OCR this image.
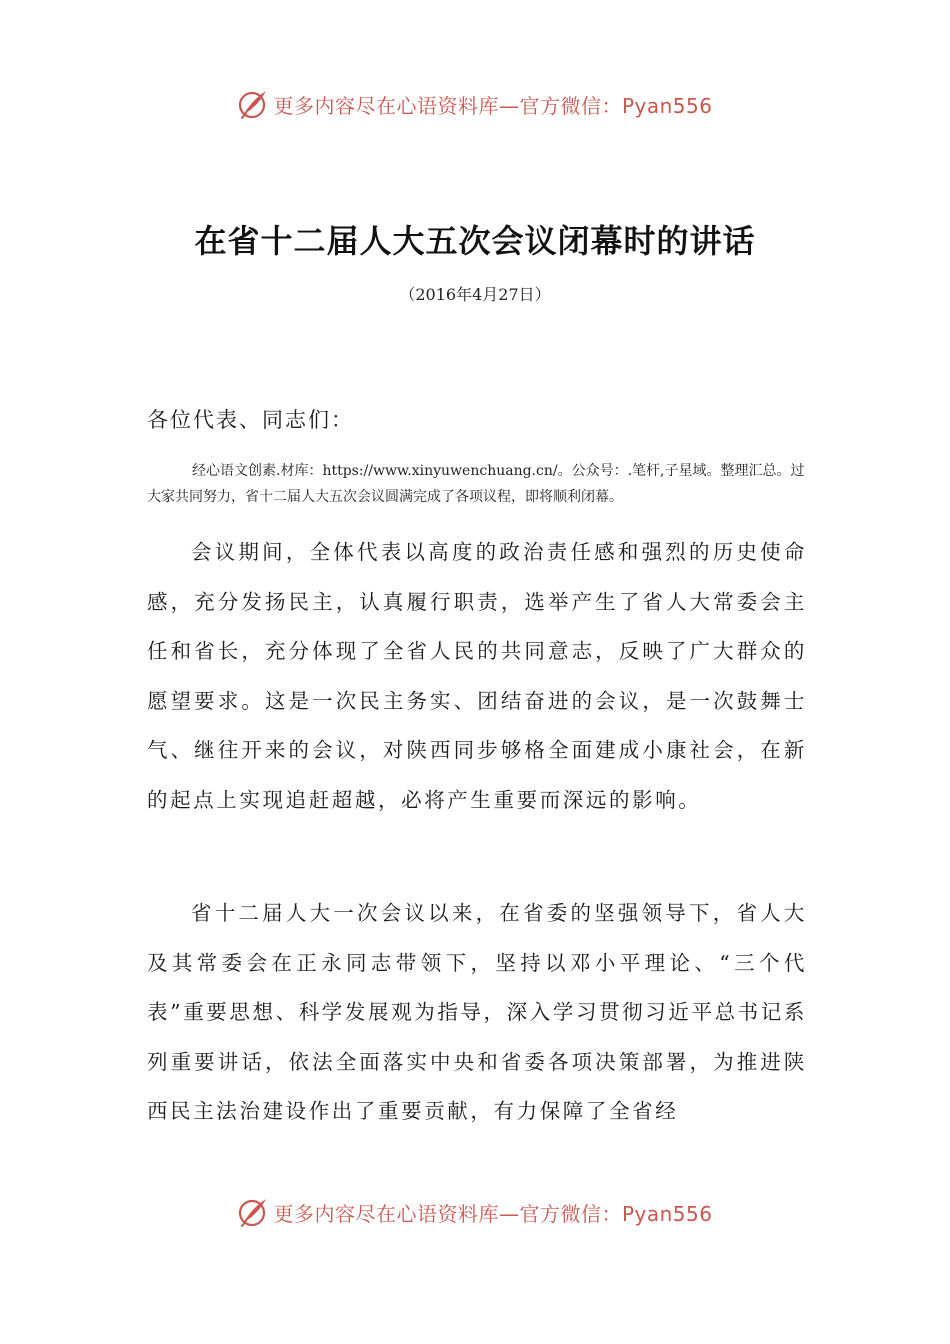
更多内容尽在心语资料库—官方微信：Pyan556
在省十二届人大五次会议闭幕时的讲话
（2016年4月27日）
各位代表、同志们：
经心语文创素.材库：https://www.xinyuwenchuang.cn/。公众号：.笔杆,子星域。整理汇总。过大家共同努力，省十二届人大五次会议圆满完成了各项议程，即将顺利闭幕。
会议期间，全体代表以高度的政治责任感和强烈的历史使命感，充分发扬民主，认真履行职责，选举产生了省人大常委会主任和省长，充分体现了全省人民的共同意志，反映了广大群众的愿望要求。这是一次民主务实、团结奋进的会议，是一次鼓舞士气、继往开来的会议，对陕西同步够格全面建成小康社会，在新的起点上实现追赶超越，必将产生重要而深远的影响。
省十二届人大一次会议以来，在省委的坚强领导下，省人大及其常委会在正永同志带领下，坚持以邓小平理论、“三个代表”重要思想、科学发展观为指导，深入学习贯彻习近平总书记系列重要讲话，依法全面落实中央和省委各项决策部署，为推进陕西民主法治建设作出了重要贡献，有力保障了全省经
更多内容尽在心语资料库—官方微信：Pyan556
